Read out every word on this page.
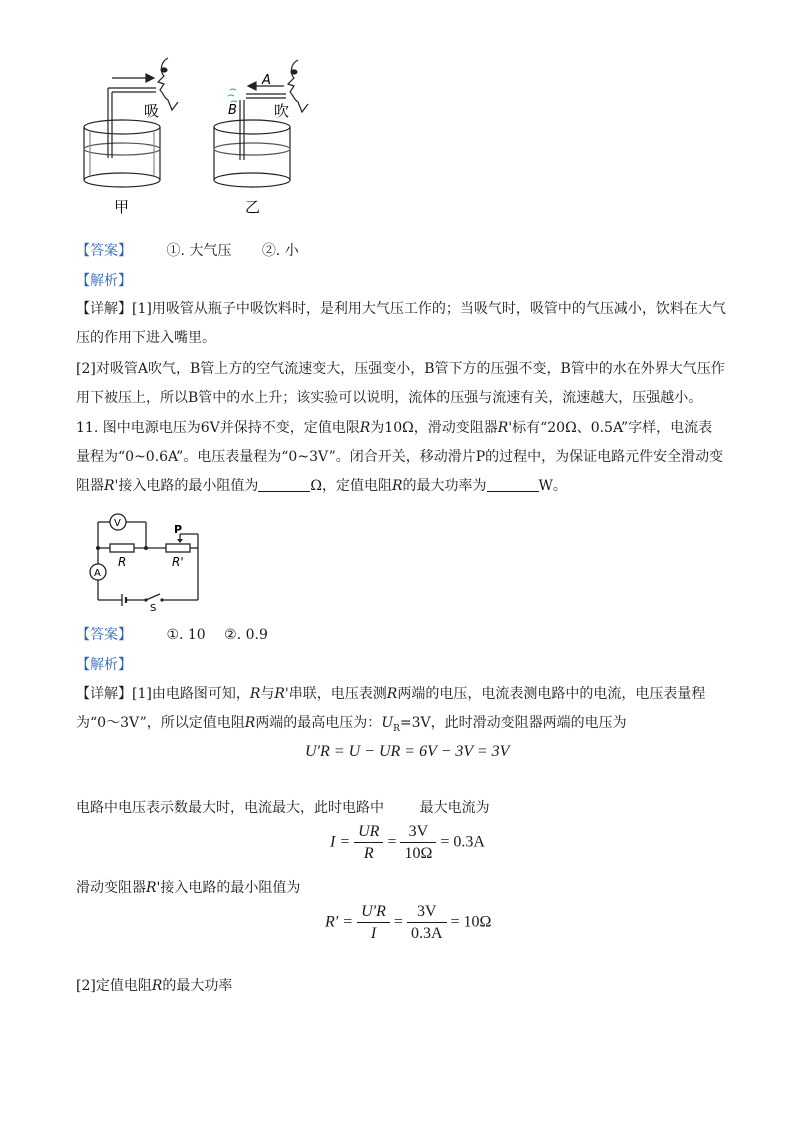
吸	吹
A
B
甲	乙
【答案】 ①. 大气压 ②. 小
【解析】
【详解】[1]用吸管从瓶子中吸饮料时，是利用大气压工作的；当吸气时，吸管中的气压减小，饮料在大气压的作用下进入嘴里。
[2]对吸管A吹气，B管上方的空气流速变大，压强变小，B管下方的压强不变，B管中的水在外界大气压作用下被压上，所以B管中的水上升；该实验可以说明，流体的压强与流速有关，流速越大，压强越小。
11. 图中电源电压为6V并保持不变，定值电限R为10Ω，滑动变阻器R'标有“20Ω、0.5A”字样，电流表量程为“0~0.6A”。电压表量程为“0~3V”。闭合开关，移动滑片P的过程中，为保证电路元件安全滑动变阻器R'接入电路的最小阻值为	Ω，定值电阻R的最大功率为	W。
V
A
R	R'
P
S
【答案】 ①. 10 ②. 0.9
【解析】
【详解】[1]由电路图可知，R与R'串联，电压表测R两端的电压，电流表测电路中的电流，电压表量程为“0～3V”，所以定值电阻R两端的最高电压为：$U_R=3V$，此时滑动变阻器两端的电压为
U′R = U − UR = 6V − 3V = 3V
电路中电压表示数最大时，电流最大，此时电路中        最大电流为
$I = \frac{UR}{R} = \frac{3V}{10\Omega} = 0.3A$
滑动变阻器R'接入电路的最小阻值为
$R' = \frac{U'R}{I} = \frac{3V}{0.3A} = 10\Omega$
[2]定值电阻R的最大功率
